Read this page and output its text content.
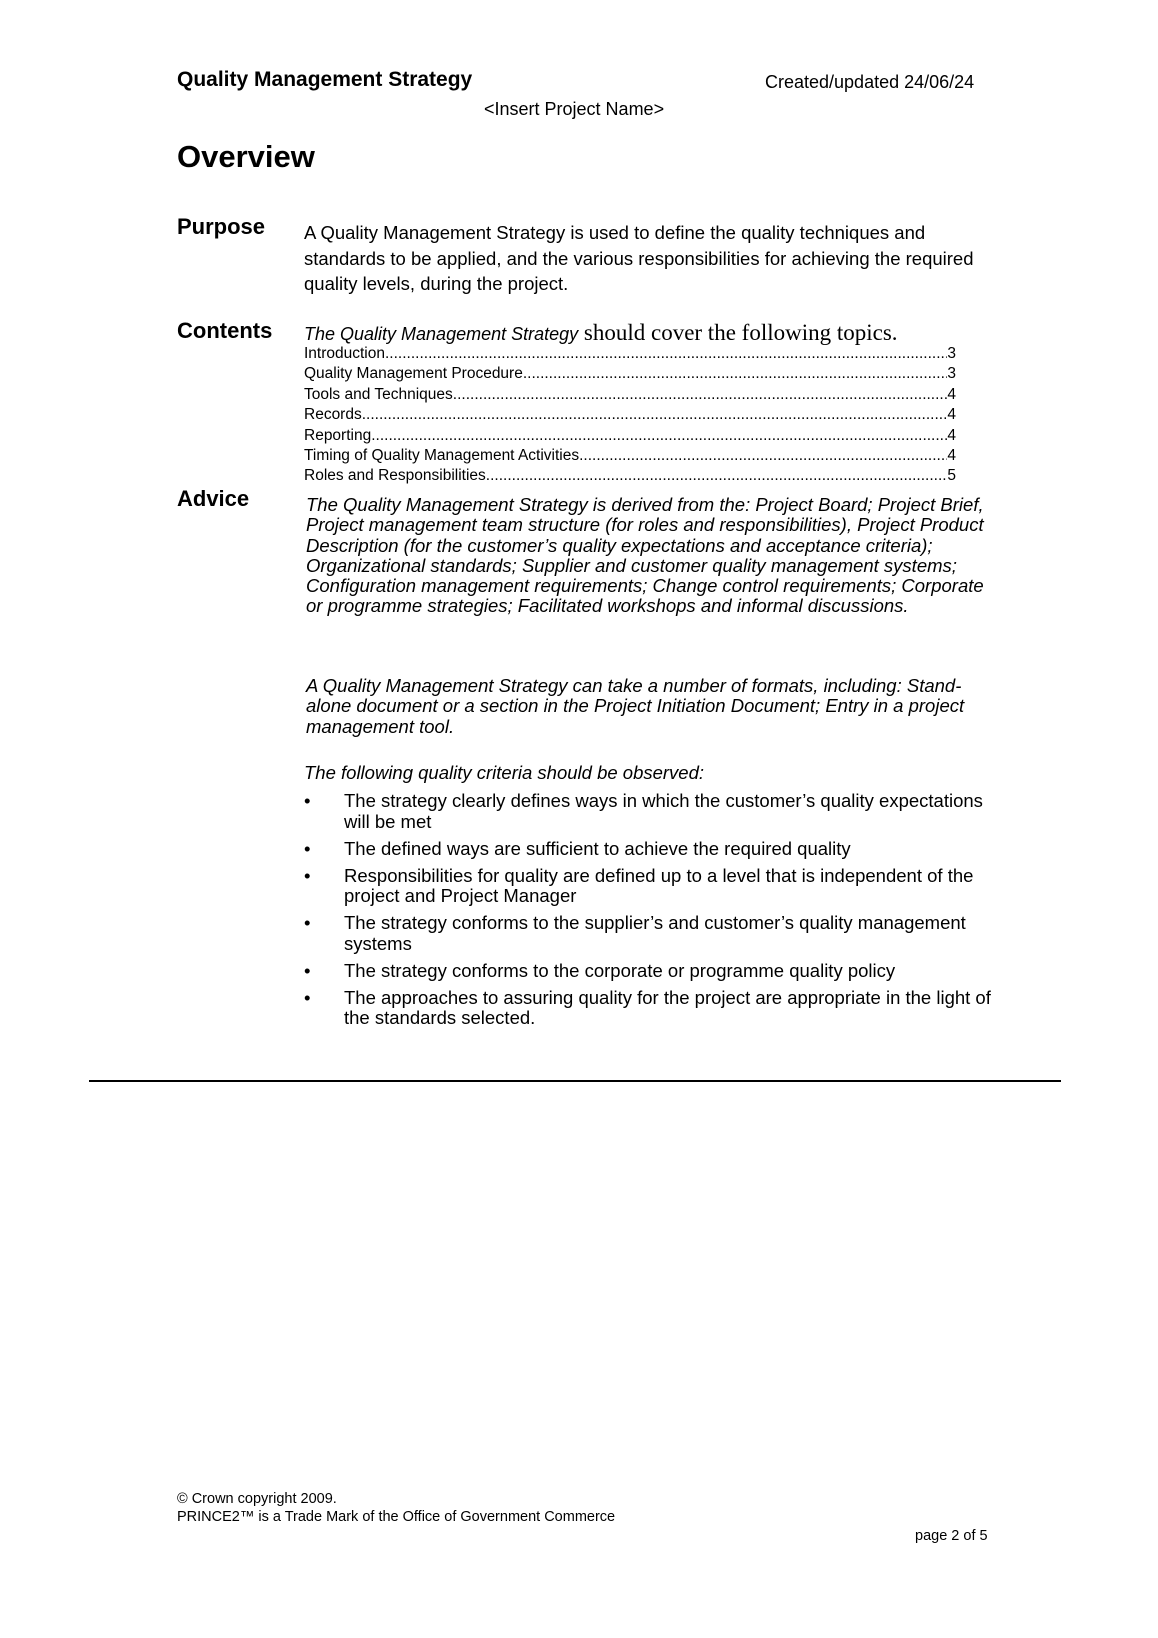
Quality Management Strategy	Created/updated 24/06/24
<Insert Project Name>
Overview
Purpose A Quality Management Strategy is used to define the quality techniques and standards to be applied, and the various responsibilities for achieving the required quality levels, during the project.
Contents The Quality Management Strategy should cover the following topics.
Introduction .....	3
Quality Management Procedure .....	3
Tools and Techniques .....	4
Records .....	4
Reporting .....	4
Timing of Quality Management Activities .....	4
Roles and Responsibilities .....	5
Advice	The Quality Management Strategy is derived from the: Project Board; Project Brief, Project management team structure (for roles and responsibilities), Project Product Description (for the customer’s quality expectations and acceptance criteria); Organizational standards; Supplier and customer quality management systems; Configuration management requirements; Change control requirements; Corporate or programme strategies; Facilitated workshops and informal discussions.
A Quality Management Strategy can take a number of formats, including: Stand-alone document or a section in the Project Initiation Document; Entry in a project management tool.
The following quality criteria should be observed:
• The strategy clearly defines ways in which the customer’s quality expectations will be met
• The defined ways are sufficient to achieve the required quality
• Responsibilities for quality are defined up to a level that is independent of the project and Project Manager
• The strategy conforms to the supplier’s and customer’s quality management systems
• The strategy conforms to the corporate or programme quality policy
• The approaches to assuring quality for the project are appropriate in the light of the standards selected.
© Crown copyright 2009.
PRINCE2™ is a Trade Mark of the Office of Government Commerce
page 2 of 5
